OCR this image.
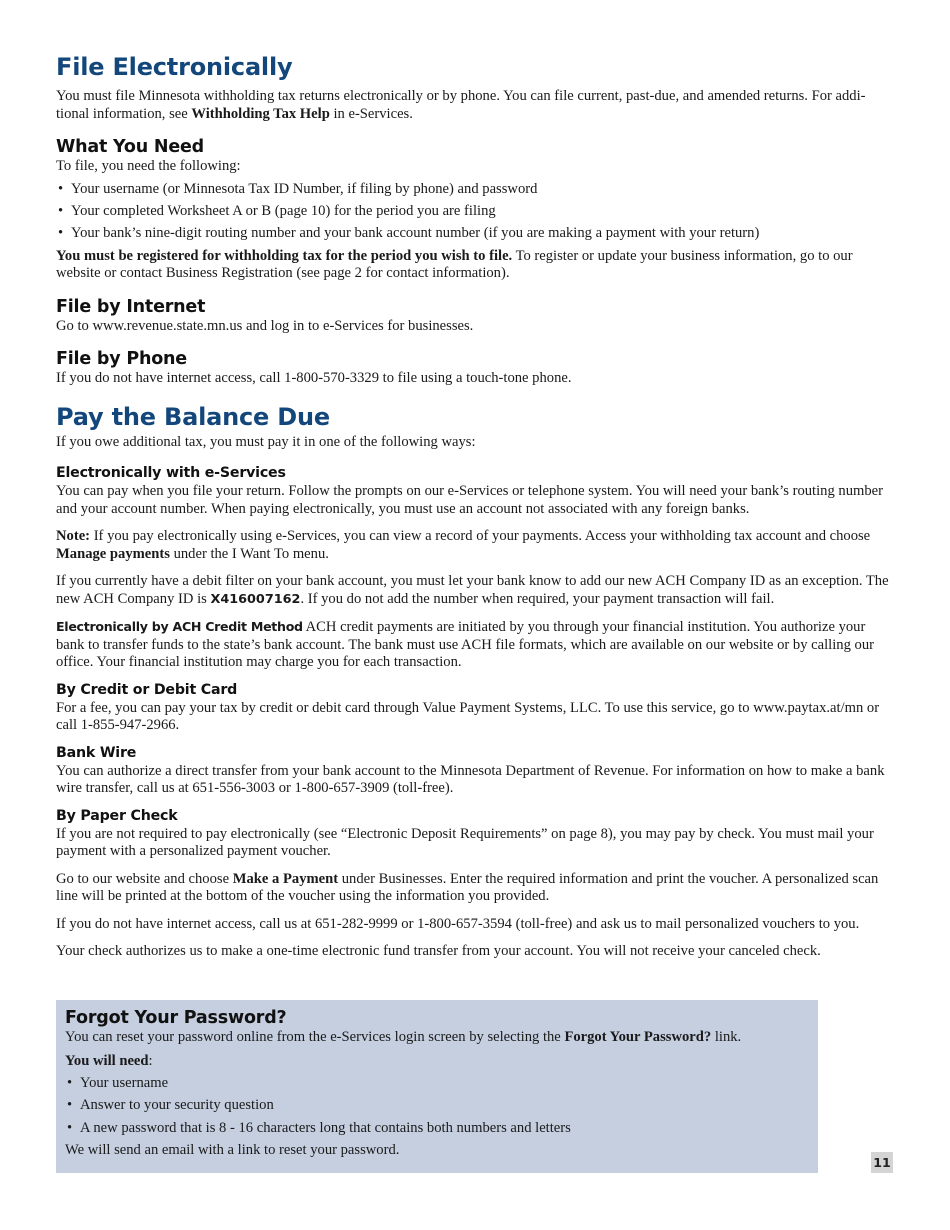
File Electronically

You must file Minnesota withholding tax returns electronically or by phone. You can file current, past-due, and amended returns. For addi-tional information, see Withholding Tax Help in e-Services.

What You Need

To file, you need the following:

• Your username (or Minnesota Tax ID Number, if filing by phone) and password
• Your completed Worksheet A or B (page 10) for the period you are filing
• Your bank’s nine-digit routing number and your bank account number (if you are making a payment with your return)

You must be registered for withholding tax for the period you wish to file. To register or update your business information, go to our website or contact Business Registration (see page 2 for contact information).

File by Internet

Go to www.revenue.state.mn.us and log in to e-Services for businesses.

File by Phone

If you do not have internet access, call 1-800-570-3329 to file using a touch-tone phone.

Pay the Balance Due

If you owe additional tax, you must pay it in one of the following ways:

Electronically with e-Services

You can pay when you file your return. Follow the prompts on our e-Services or telephone system. You will need your bank’s routing number and your account number. When paying electronically, you must use an account not associated with any foreign banks.

Note: If you pay electronically using e-Services, you can view a record of your payments. Access your withholding tax account and choose Manage payments under the I Want To menu.

If you currently have a debit filter on your bank account, you must let your bank know to add our new ACH Company ID as an exception. The new ACH Company ID is X416007162. If you do not add the number when required, your payment transaction will fail.

Electronically by ACH Credit Method ACH credit payments are initiated by you through your financial institution. You authorize your bank to transfer funds to the state’s bank account. The bank must use ACH file formats, which are available on our website or by calling our office. Your financial institution may charge you for each transaction.

By Credit or Debit Card

For a fee, you can pay your tax by credit or debit card through Value Payment Systems, LLC. To use this service, go to www.paytax.at/mn or call 1-855-947-2966.

Bank Wire

You can authorize a direct transfer from your bank account to the Minnesota Department of Revenue. For information on how to make a bank wire transfer, call us at 651-556-3003 or 1-800-657-3909 (toll-free).

By Paper Check

If you are not required to pay electronically (see “Electronic Deposit Requirements” on page 8), you may pay by check. You must mail your payment with a personalized payment voucher.

Go to our website and choose Make a Payment under Businesses. Enter the required information and print the voucher. A personalized scan line will be printed at the bottom of the voucher using the information you provided.

If you do not have internet access, call us at 651-282-9999 or 1-800-657-3594 (toll-free) and ask us to mail personalized vouchers to you.

Your check authorizes us to make a one-time electronic fund transfer from your account. You will not receive your canceled check.

Forgot Your Password?

You can reset your password online from the e-Services login screen by selecting the Forgot Your Password? link.

You will need:

• Your username
• Answer to your security question
• A new password that is 8 - 16 characters long that contains both numbers and letters

We will send an email with a link to reset your password.

11
